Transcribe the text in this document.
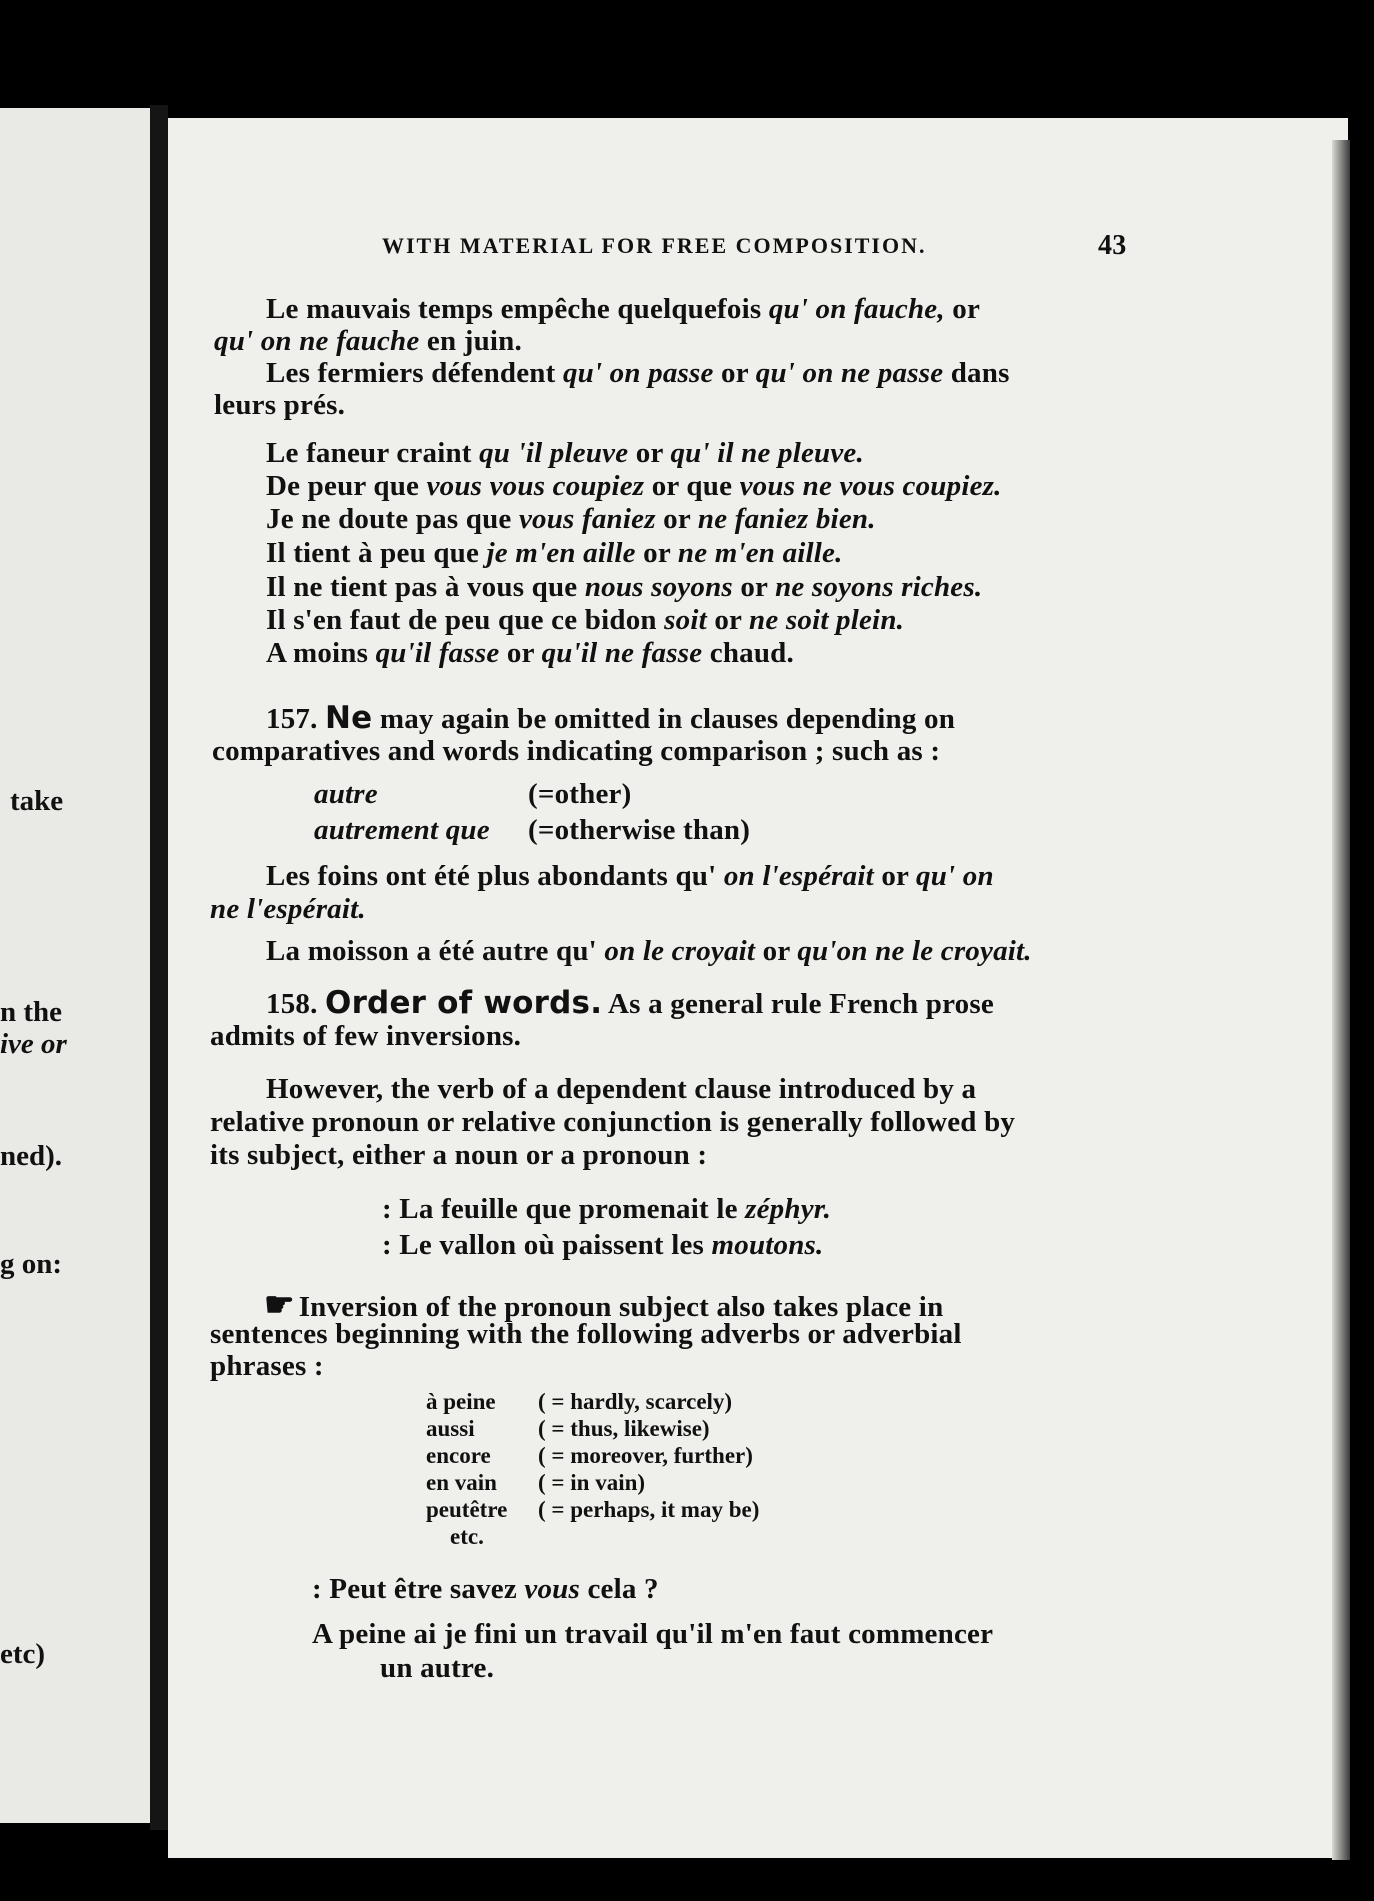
take
n the
ive or
ned).
g on:
etc)
WITH MATERIAL FOR FREE COMPOSITION.	43
Le mauvais temps empêche quelquefois qu' on fauche, or
qu' on ne fauche en juin.
Les fermiers défendent qu' on passe or qu' on ne passe dans
leurs prés.
Le faneur craint qu 'il pleuve or qu' il ne pleuve.
De peur que vous vous coupiez or que vous ne vous coupiez.
Je ne doute pas que vous faniez or ne faniez bien.
Il tient à peu que je m'en aille or ne m'en aille.
Il ne tient pas à vous que nous soyons or ne soyons riches.
Il s'en faut de peu que ce bidon soit or ne soit plein.
A moins qu'il fasse or qu'il ne fasse chaud.
157. Ne may again be omitted in clauses depending on
comparatives and words indicating comparison ; such as :
autre	(=other)
autrement que (=otherwise than)
Les foins ont été plus abondants qu' on l'espérait or qu' on
ne l'espérait.
La moisson a été autre qu' on le croyait or qu'on ne le croyait.
158. Order of words. As a general rule French prose
admits of few inversions.
However, the verb of a dependent clause introduced by a
relative pronoun or relative conjunction is generally followed by
its subject, either a noun or a pronoun :
: La feuille que promenait le zéphyr.
: Le vallon où paissent les moutons.
☛ Inversion of the pronoun subject also takes place in
sentences beginning with the following adverbs or adverbial
phrases :
à peine	( = hardly, scarcely)
aussi	( = thus, likewise)
encore	( = moreover, further)
en vain	( = in vain)
peutêtre	( = perhaps, it may be)
etc.
: Peut être savez vous cela ?
A peine ai je fini un travail qu'il m'en faut commencer
un autre.
